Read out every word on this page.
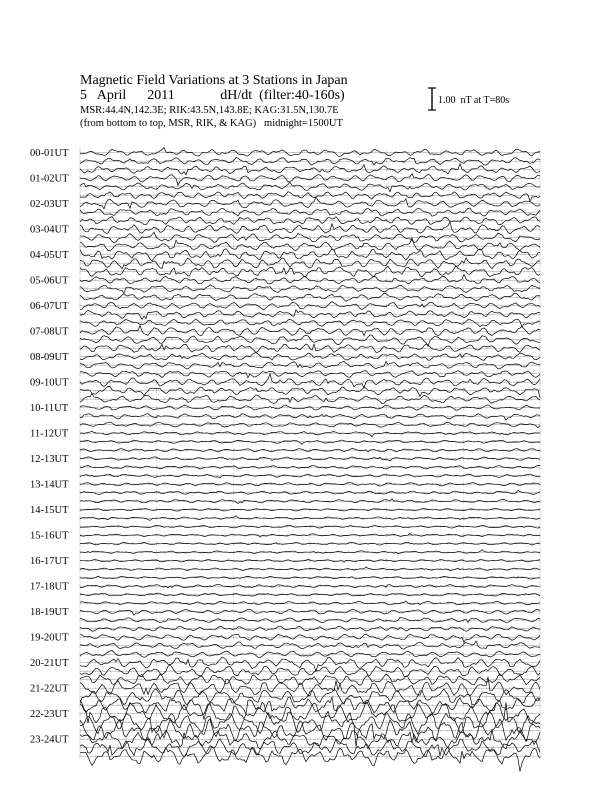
Magnetic Field Variations at 3 Stations in Japan
5   April      2011             dH/dt  (filter:40-160s)
MSR:44.4N,142.3E; RIK:43.5N,143.8E; KAG:31.5N,130.7E
(from bottom to top, MSR, RIK, & KAG)   midnight=1500UT
1.00  nT at T=80s
00-01UT
01-02UT
02-03UT
03-04UT
04-05UT
05-06UT
06-07UT
07-08UT
08-09UT
09-10UT
10-11UT
11-12UT
12-13UT
13-14UT
14-15UT
15-16UT
16-17UT
17-18UT
18-19UT
19-20UT
20-21UT
21-22UT
22-23UT
23-24UT
